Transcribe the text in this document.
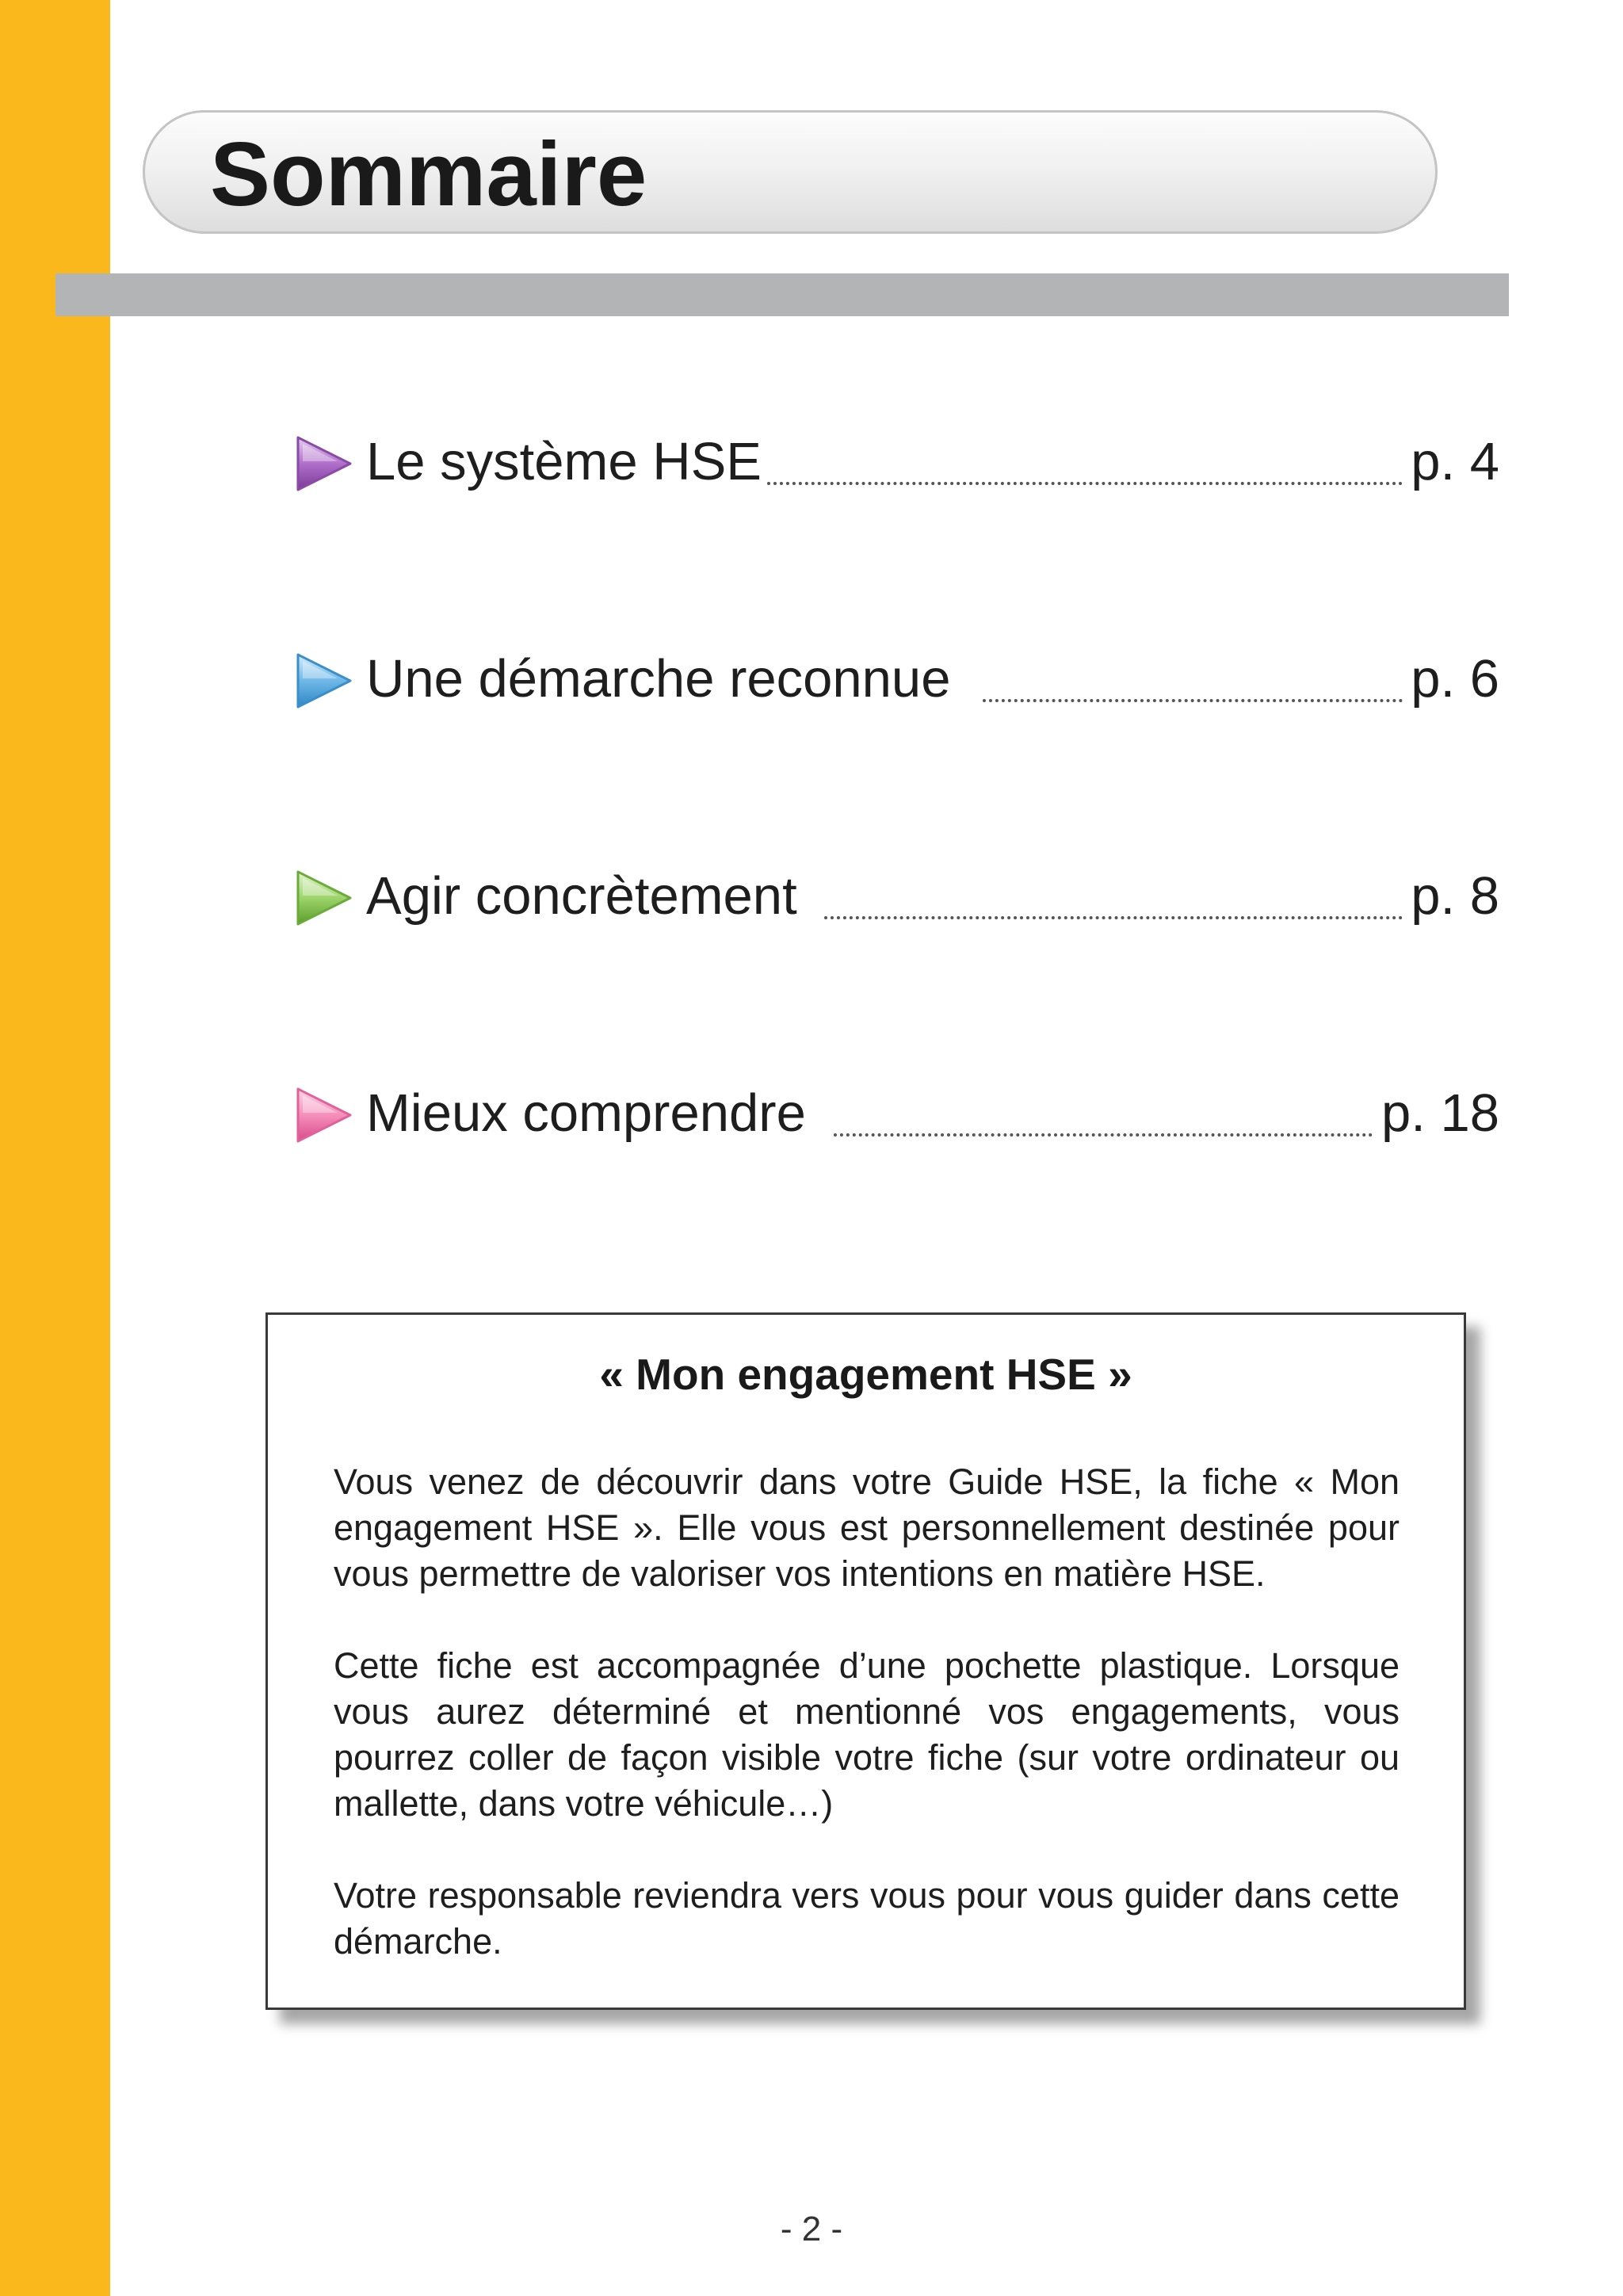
Sommaire
Le système HSE	p. 4
Une démarche reconnue	p. 6
Agir concrètement	p. 8
Mieux comprendre	p. 18
« Mon engagement HSE »

Vous venez de découvrir dans votre Guide HSE, la fiche « Mon engagement HSE ». Elle vous est personnellement destinée pour vous permettre de valoriser vos intentions en matière HSE.

Cette fiche est accompagnée d’une pochette plastique. Lorsque vous aurez déterminé et mentionné vos engagements, vous pourrez coller de façon visible votre fiche (sur votre ordinateur ou mallette, dans votre véhicule…)

Votre responsable reviendra vers vous pour vous guider dans cette démarche.

- 2 -
